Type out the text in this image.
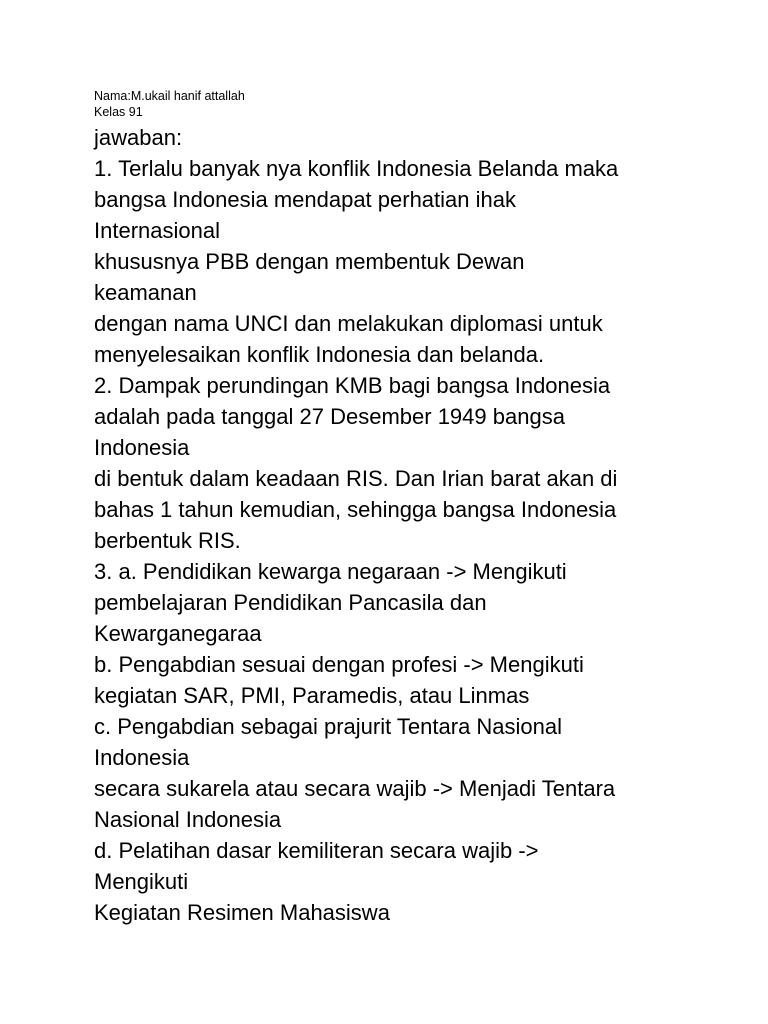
Nama:M.ukail hanif attallah
Kelas 91
jawaban:
1. Terlalu banyak nya konflik Indonesia Belanda maka
bangsa Indonesia mendapat perhatian ihak
Internasional
khususnya PBB dengan membentuk Dewan
keamanan
dengan nama UNCI dan melakukan diplomasi untuk
menyelesaikan konflik Indonesia dan belanda.
2. Dampak perundingan KMB bagi bangsa Indonesia
adalah pada tanggal 27 Desember 1949 bangsa
Indonesia
di bentuk dalam keadaan RIS. Dan Irian barat akan di
bahas 1 tahun kemudian, sehingga bangsa Indonesia
berbentuk RIS.
3. a. Pendidikan kewarga negaraan -> Mengikuti
pembelajaran Pendidikan Pancasila dan
Kewarganegaraa
b. Pengabdian sesuai dengan profesi -> Mengikuti
kegiatan SAR, PMI, Paramedis, atau Linmas
c. Pengabdian sebagai prajurit Tentara Nasional
Indonesia
secara sukarela atau secara wajib -> Menjadi Tentara
Nasional Indonesia
d. Pelatihan dasar kemiliteran secara wajib ->
Mengikuti
Kegiatan Resimen Mahasiswa
